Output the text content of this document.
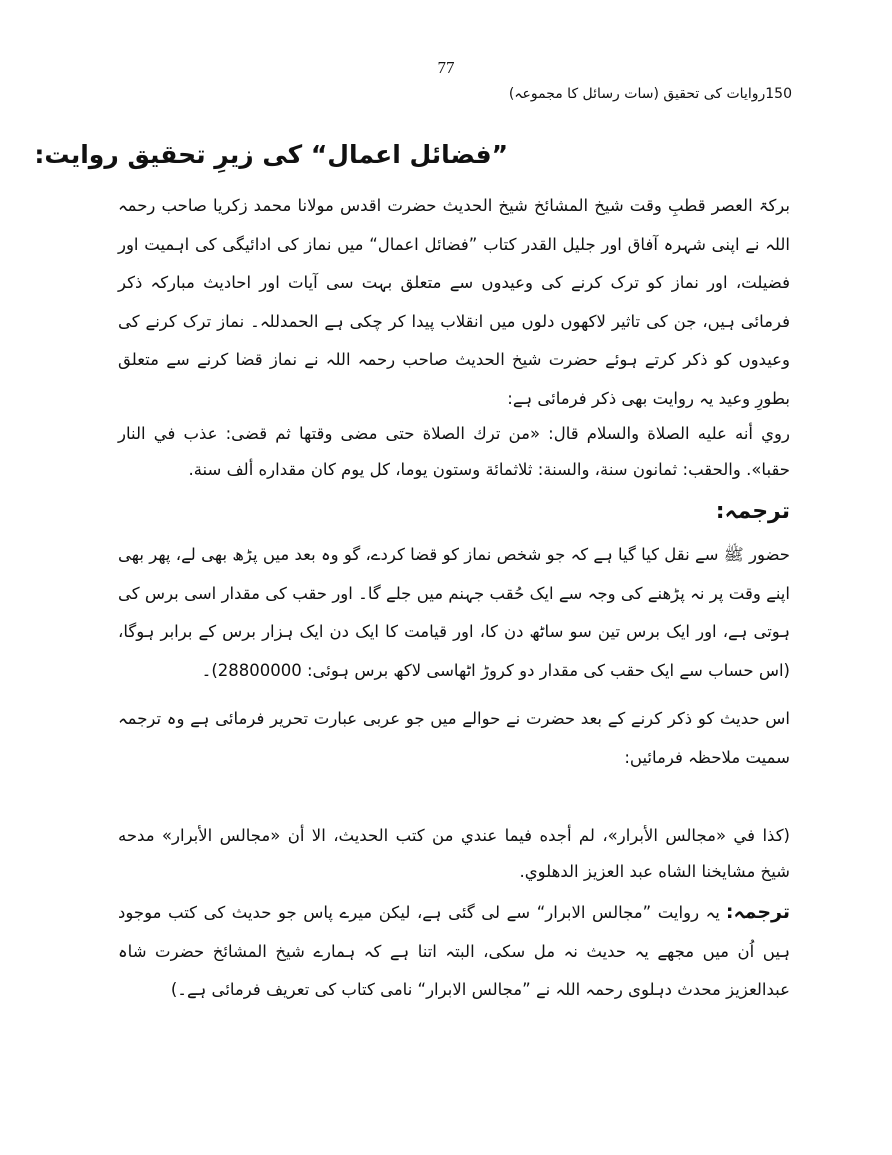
77
150روایات کی تحقیق (سات رسائل کا مجموعہ)
”فضائل اعمال“ کی زیرِ تحقیق روایت:
برکۃ العصر قطبِ وقت شیخ المشائخ شیخ الحدیث حضرت اقدس مولانا محمد زکریا صاحب رحمہ اللہ نے اپنی شہرہ آفاق اور جلیل القدر کتاب ”فضائل اعمال“ میں نماز کی ادائیگی کی اہمیت اور فضیلت، اور نماز کو ترک کرنے کی وعیدوں سے متعلق بہت سی آیات اور احادیث مبارکہ ذکر فرمائی ہیں، جن کی تاثیر لاکھوں دلوں میں انقلاب پیدا کر چکی ہے الحمدللہ۔ نماز ترک کرنے کی وعیدوں کو ذکر کرتے ہوئے حضرت شیخ الحدیث صاحب رحمہ اللہ نے نماز قضا کرنے سے متعلق بطورِ وعید یہ روایت بھی ذکر فرمائی ہے:
روي أنه عليه الصلاة والسلام قال: «من ترك الصلاة حتى مضى وقتها ثم قضى: عذب في النار حقبا». والحقب: ثمانون سنة، والسنة: ثلاثمائة وستون يوما، كل يوم كان مقداره ألف سنة.
ترجمہ:
حضور ﷺ سے نقل کیا گیا ہے کہ جو شخص نماز کو قضا کردے، گو وہ بعد میں پڑھ بھی لے، پھر بھی اپنے وقت پر نہ پڑھنے کی وجہ سے ایک حُقب جہنم میں جلے گا۔ اور حقب کی مقدار اسی برس کی ہوتی ہے، اور ایک برس تین سو ساٹھ دن کا، اور قیامت کا ایک دن ایک ہزار برس کے برابر ہوگا، (اس حساب سے ایک حقب کی مقدار دو کروڑ اٹھاسی لاکھ برس ہوئی: 28800000)۔
اس حدیث کو ذکر کرنے کے بعد حضرت نے حوالے میں جو عربی عبارت تحریر فرمائی ہے وہ ترجمہ سمیت ملاحظہ فرمائیں:
(كذا في «مجالس الأبرار»، لم أجده فيما عندي من كتب الحديث، الا أن «مجالس الأبرار» مدحه شيخ مشايخنا الشاه عبد العزيز الدهلوي.
ترجمہ:یہ روایت ”مجالس الابرار“ سے لی گئی ہے، لیکن میرے پاس جو حدیث کی کتب موجود ہیں اُن میں مجھے یہ حدیث نہ مل سکی، البتہ اتنا ہے کہ ہمارے شیخ المشائخ حضرت شاہ عبدالعزیز محدث دہلوی رحمہ اللہ نے ”مجالس الابرار“ نامی کتاب کی تعریف فرمائی ہے۔)
